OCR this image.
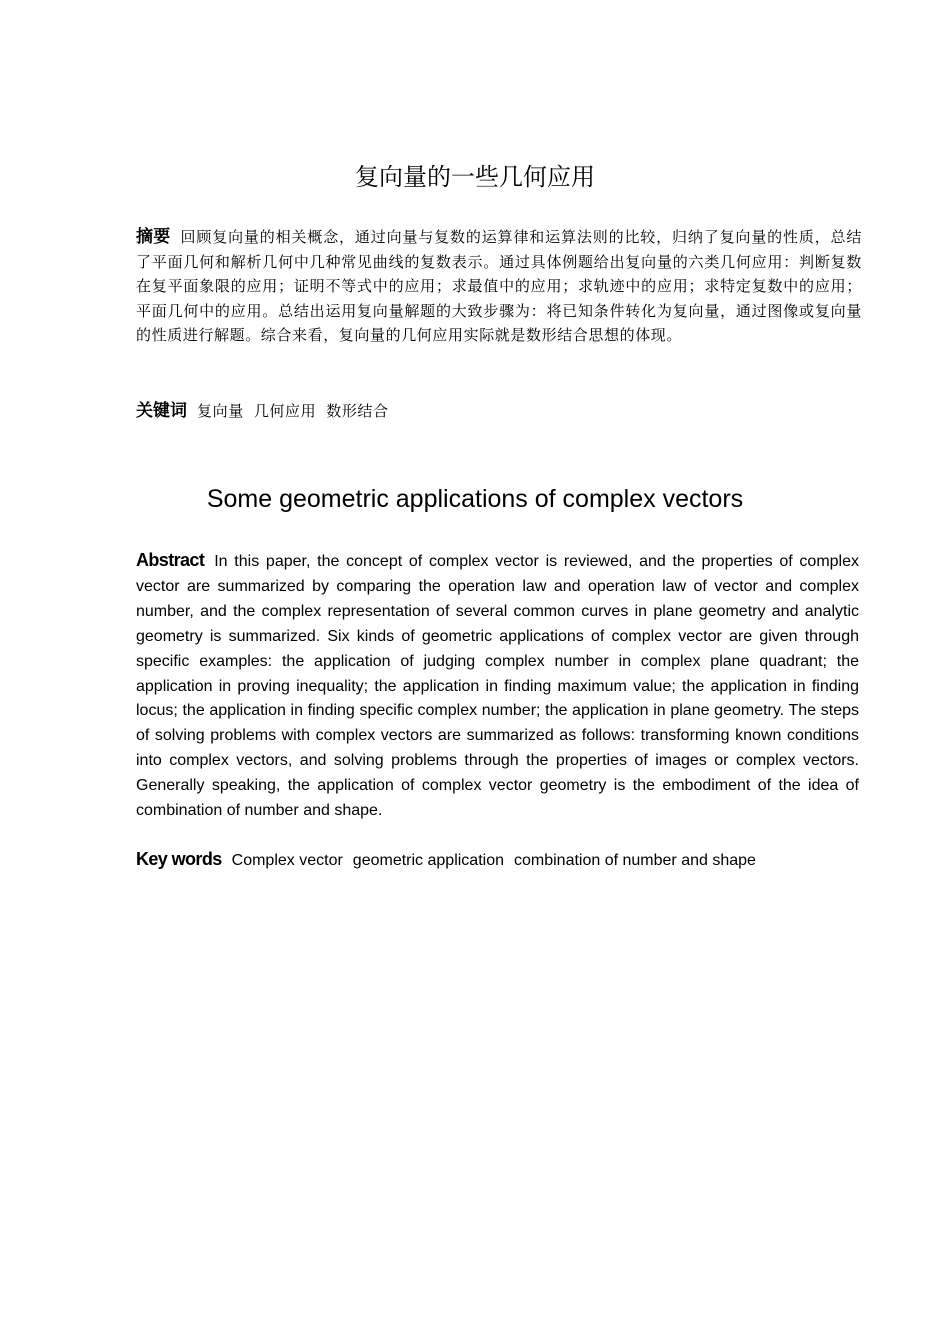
复向量的一些几何应用
摘要 回顾复向量的相关概念，通过向量与复数的运算律和运算法则的比较，归纳了复向量的性质，总结了平面几何和解析几何中几种常见曲线的复数表示。通过具体例题给出复向量的六类几何应用：判断复数在复平面象限的应用；证明不等式中的应用；求最值中的应用；求轨迹中的应用；求特定复数中的应用；平面几何中的应用。总结出运用复向量解题的大致步骤为：将已知条件转化为复向量，通过图像或复向量的性质进行解题。综合来看，复向量的几何应用实际就是数形结合思想的体现。
关键词 复向量 几何应用 数形结合
Some geometric applications of complex vectors
Abstract In this paper, the concept of complex vector is reviewed, and the properties of complex vector are summarized by comparing the operation law and operation law of vector and complex number, and the complex representation of several common curves in plane geometry and analytic geometry is summarized. Six kinds of geometric applications of complex vector are given through specific examples: the application of judging complex number in complex plane quadrant; the application in proving inequality; the application in finding maximum value; the application in finding locus; the application in finding specific complex number; the application in plane geometry. The steps of solving problems with complex vectors are summarized as follows: transforming known conditions into complex vectors, and solving problems through the properties of images or complex vectors. Generally speaking, the application of complex vector geometry is the embodiment of the idea of combination of number and shape.
Key words Complex vector geometric application combination of number and shape
